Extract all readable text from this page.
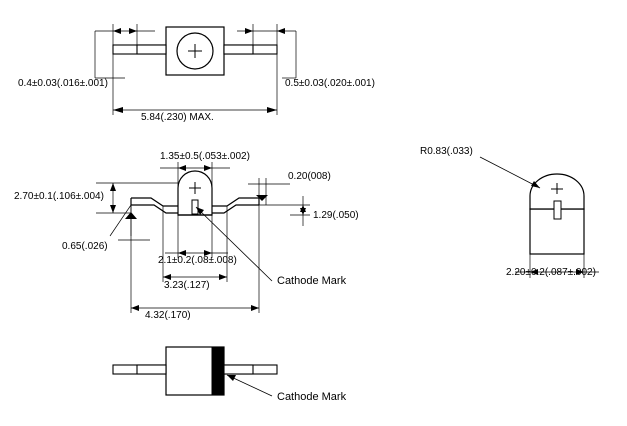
0.4±0.03(.016±.001)	0.5±0.03(.020±.001)
5.84(.230) MAX.
1.35±0.5(.053±.002)
0.20(008)
2.70±0.1(.106±.004)
0.65(.026)
1.29(.050)
2.1±0.2(.08±.008)
3.23(.127)
4.32(.170)
Cathode Mark
R0.83(.033)
2.20±0.2(.087±.002)
Cathode Mark
